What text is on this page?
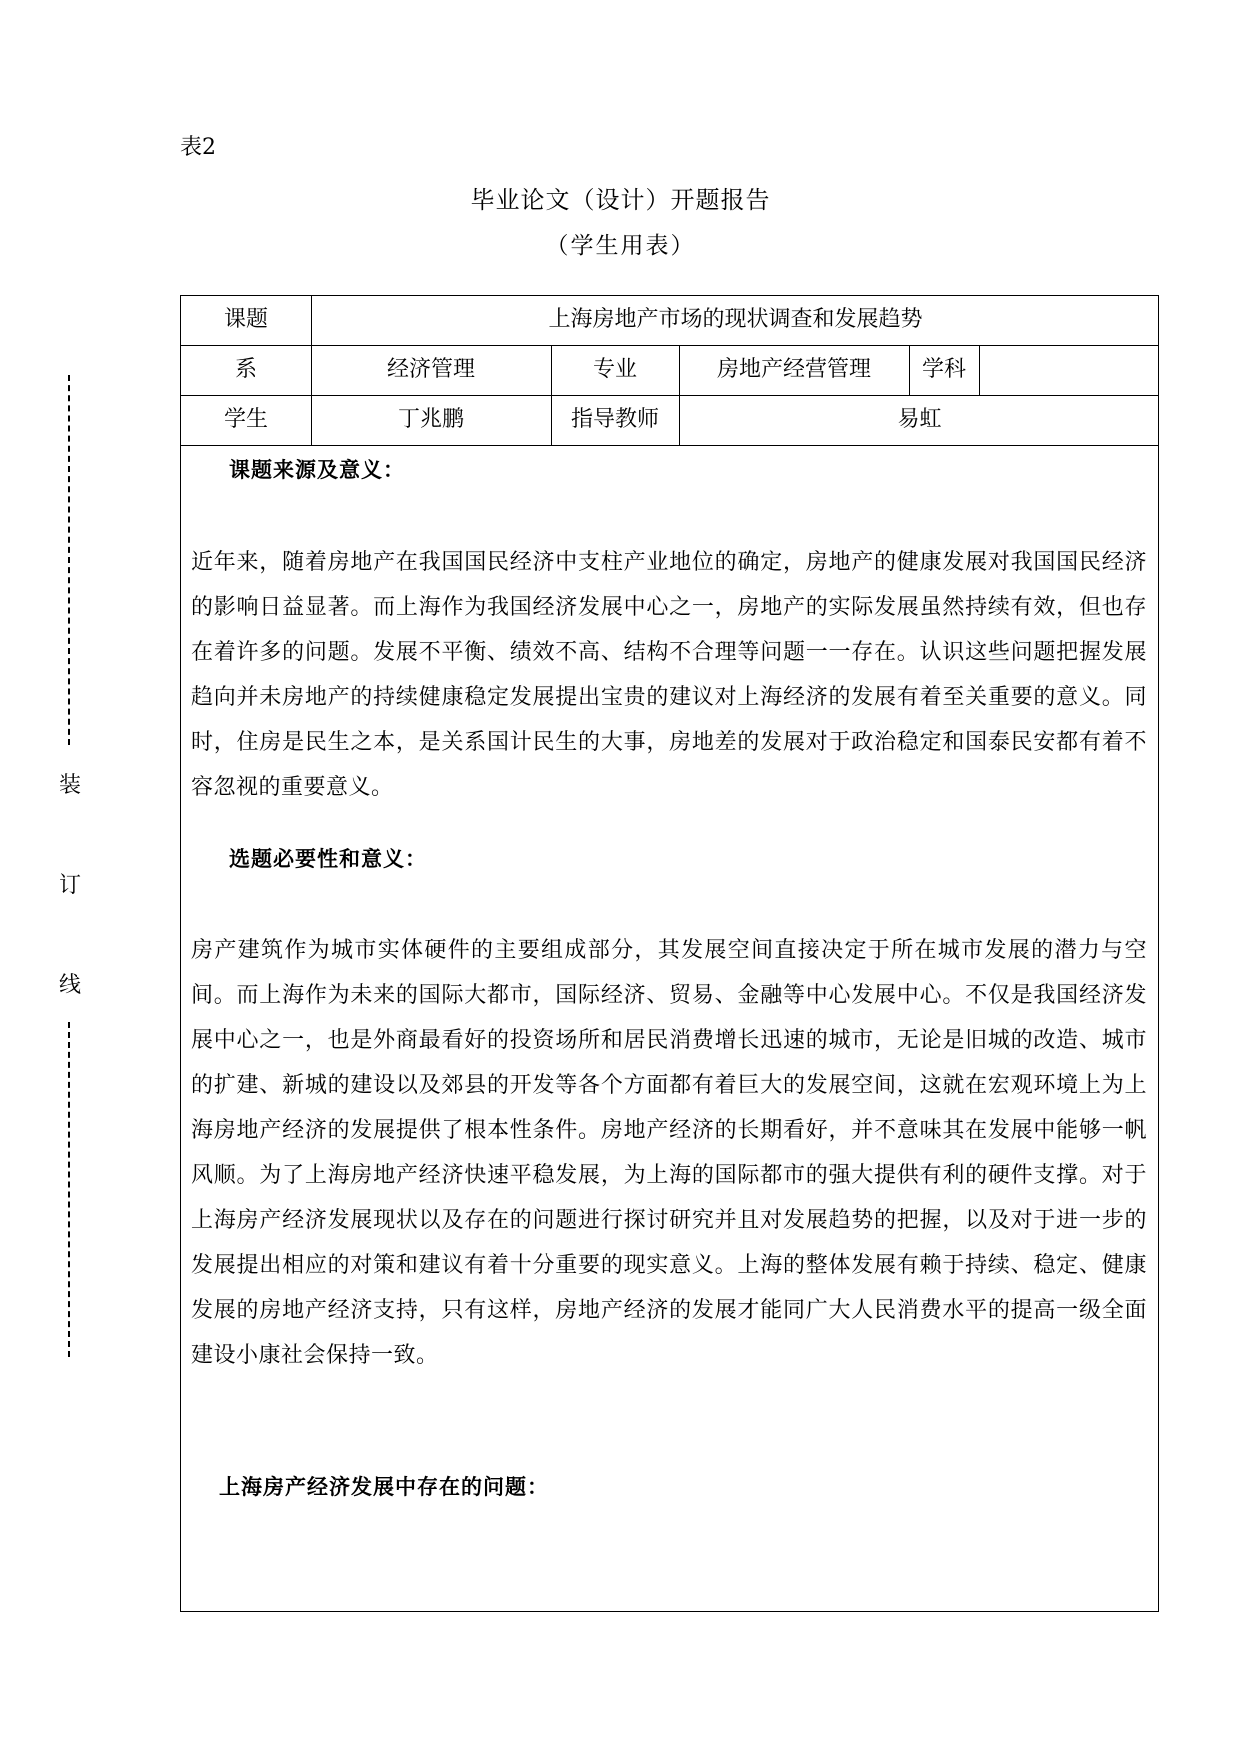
装
订
线
表2
毕业论文（设计）开题报告
（学生用表）
课题	上海房地产市场的现状调查和发展趋势
系	经济管理	专业	房地产经营管理	学科
学生	丁兆鹏	指导教师	易虹
课题来源及意义：
近年来，随着房地产在我国国民经济中支柱产业地位的确定，房地产的健康发展对我国国民经济的影响日益显著。而上海作为我国经济发展中心之一，房地产的实际发展虽然持续有效，但也存在着许多的问题。发展不平衡、绩效不高、结构不合理等问题一一存在。认识这些问题把握发展趋向并未房地产的持续健康稳定发展提出宝贵的建议对上海经济的发展有着至关重要的意义。同时，住房是民生之本，是关系国计民生的大事，房地差的发展对于政治稳定和国泰民安都有着不容忽视的重要意义。
选题必要性和意义：
房产建筑作为城市实体硬件的主要组成部分，其发展空间直接决定于所在城市发展的潜力与空间。而上海作为未来的国际大都市，国际经济、贸易、金融等中心发展中心。不仅是我国经济发展中心之一，也是外商最看好的投资场所和居民消费增长迅速的城市，无论是旧城的改造、城市的扩建、新城的建设以及郊县的开发等各个方面都有着巨大的发展空间，这就在宏观环境上为上海房地产经济的发展提供了根本性条件。房地产经济的长期看好，并不意味其在发展中能够一帆风顺。为了上海房地产经济快速平稳发展，为上海的国际都市的强大提供有利的硬件支撑。对于上海房产经济发展现状以及存在的问题进行探讨研究并且对发展趋势的把握，以及对于进一步的发展提出相应的对策和建议有着十分重要的现实意义。上海的整体发展有赖于持续、稳定、健康发展的房地产经济支持，只有这样，房地产经济的发展才能同广大人民消费水平的提高一级全面建设小康社会保持一致。
上海房产经济发展中存在的问题：
